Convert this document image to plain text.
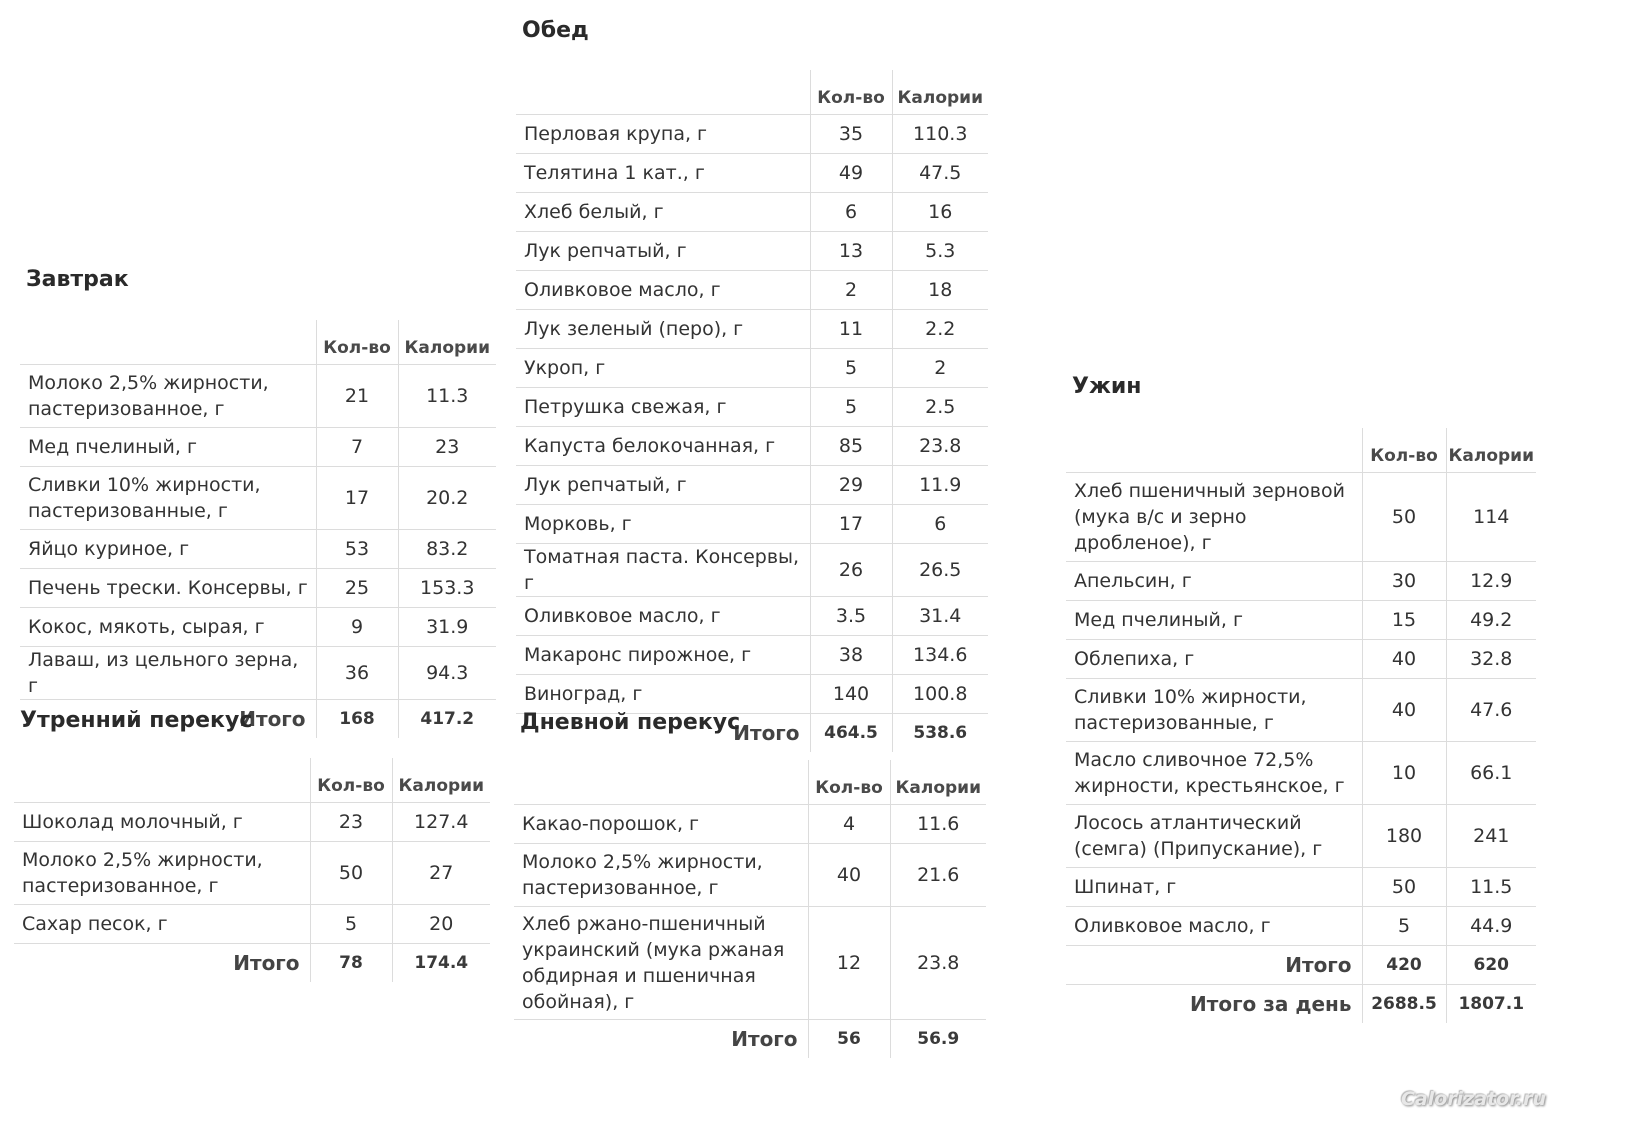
Завтрак
	Кол-во	Калории
Молоко 2,5% жирности, пастеризованное, г	21	11.3
Мед пчелиный, г	7	23
Сливки 10% жирности, пастеризованные, г	17	20.2
Яйцо куриное, г	53	83.2
Печень трески. Консервы, г	25	153.3
Кокос, мякоть, сырая, г	9	31.9
Лаваш, из цельного зерна, г	36	94.3
Итого	168	417.2
Утренний перекус
	Кол-во	Калории
Шоколад молочный, г	23	127.4
Молоко 2,5% жирности, пастеризованное, г	50	27
Сахар песок, г	5	20
Итого	78	174.4
Обед
	Кол-во	Калории
Перловая крупа, г	35	110.3
Телятина 1 кат., г	49	47.5
Хлеб белый, г	6	16
Лук репчатый, г	13	5.3
Оливковое масло, г	2	18
Лук зеленый (перо), г	11	2.2
Укроп, г	5	2
Петрушка свежая, г	5	2.5
Капуста белокочанная, г	85	23.8
Лук репчатый, г	29	11.9
Морковь, г	17	6
Томатная паста. Консервы, г	26	26.5
Оливковое масло, г	3.5	31.4
Макаронс пирожное, г	38	134.6
Виноград, г	140	100.8
Итого	464.5	538.6
Дневной перекус
	Кол-во	Калории
Какао-порошок, г	4	11.6
Молоко 2,5% жирности, пастеризованное, г	40	21.6
Хлеб ржано-пшеничный украинский (мука ржаная обдирная и пшеничная обойная), г	12	23.8
Итого	56	56.9
Ужин
	Кол-во	Калории
Хлеб пшеничный зерновой (мука в/с и зерно дробленое), г	50	114
Апельсин, г	30	12.9
Мед пчелиный, г	15	49.2
Облепиха, г	40	32.8
Сливки 10% жирности, пастеризованные, г	40	47.6
Масло сливочное 72,5% жирности, крестьянское, г	10	66.1
Лосось атлантический (семга) (Припускание), г	180	241
Шпинат, г	50	11.5
Оливковое масло, г	5	44.9
Итого	420	620
Итого за день	2688.5	1807.1
Calorizator.ru
